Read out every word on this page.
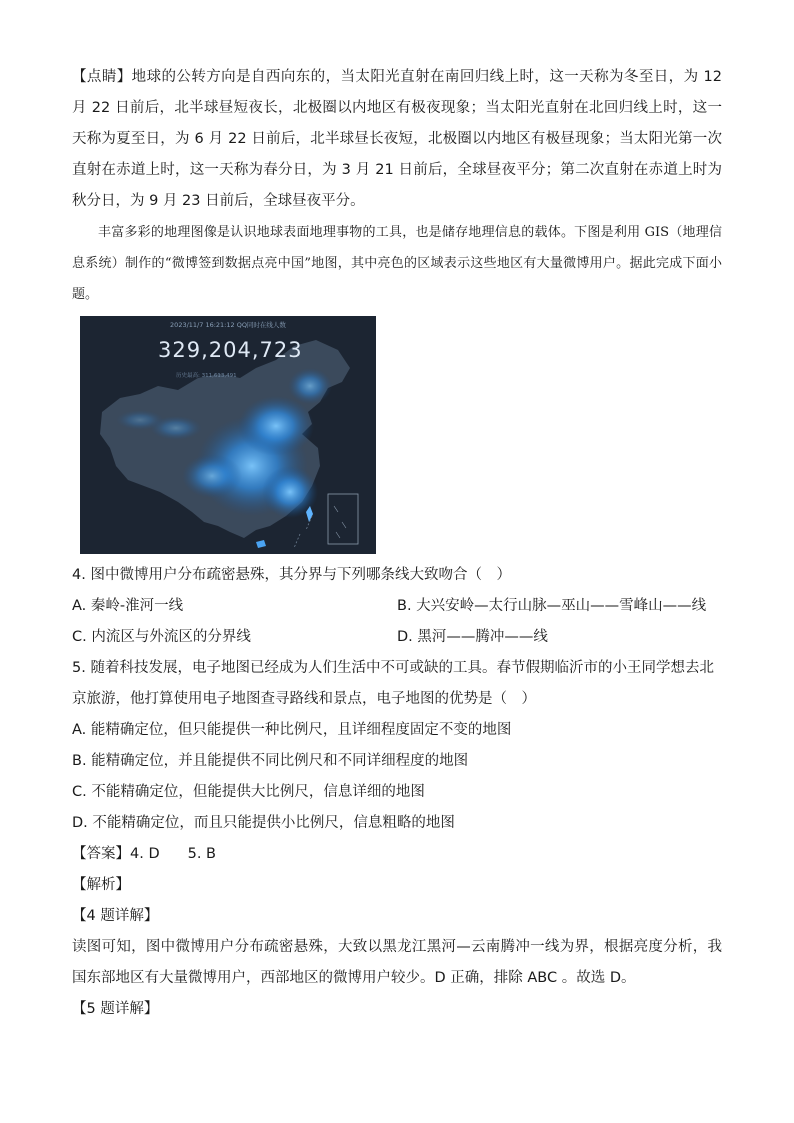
【点睛】地球的公转方向是自西向东的，当太阳光直射在南回归线上时，这一天称为冬至日，为 12 月 22 日前后，北半球昼短夜长，北极圈以内地区有极夜现象；当太阳光直射在北回归线上时，这一天称为夏至日，为 6 月 22 日前后，北半球昼长夜短，北极圈以内地区有极昼现象；当太阳光第一次直射在赤道上时，这一天称为春分日，为 3 月 21 日前后，全球昼夜平分；第二次直射在赤道上时为秋分日，为 9 月 23 日前后，全球昼夜平分。

丰富多彩的地理图像是认识地球表面地理事物的工具，也是储存地理信息的载体。下图是利用 GIS（地理信息系统）制作的“微博签到数据点亮中国”地图，其中亮色的区域表示这些地区有大量微博用户。据此完成下面小题。

2023/11/7 16:21:12 QQ同时在线人数
329,204,723
历史最高: 311,613,491

4. 图中微博用户分布疏密悬殊，其分界与下列哪条线大致吻合（　）

A. 秦岭-淮河一线	B. 大兴安岭—太行山脉—巫山——雪峰山——线
C. 内流区与外流区的分界线	D. 黑河——腾冲——线

5. 随着科技发展，电子地图已经成为人们生活中不可或缺的工具。春节假期临沂市的小王同学想去北京旅游，他打算使用电子地图查寻路线和景点，电子地图的优势是（　）

A. 能精确定位，但只能提供一种比例尺，且详细程度固定不变的地图

B. 能精确定位，并且能提供不同比例尺和不同详细程度的地图

C. 不能精确定位，但能提供大比例尺，信息详细的地图

D. 不能精确定位，而且只能提供小比例尺，信息粗略的地图

【答案】4. D 5. B

【解析】

【4 题详解】

读图可知，图中微博用户分布疏密悬殊，大致以黑龙江黑河—云南腾冲一线为界，根据亮度分析，我国东部地区有大量微博用户，西部地区的微博用户较少。D 正确，排除 ABC 。故选 D。

【5 题详解】
